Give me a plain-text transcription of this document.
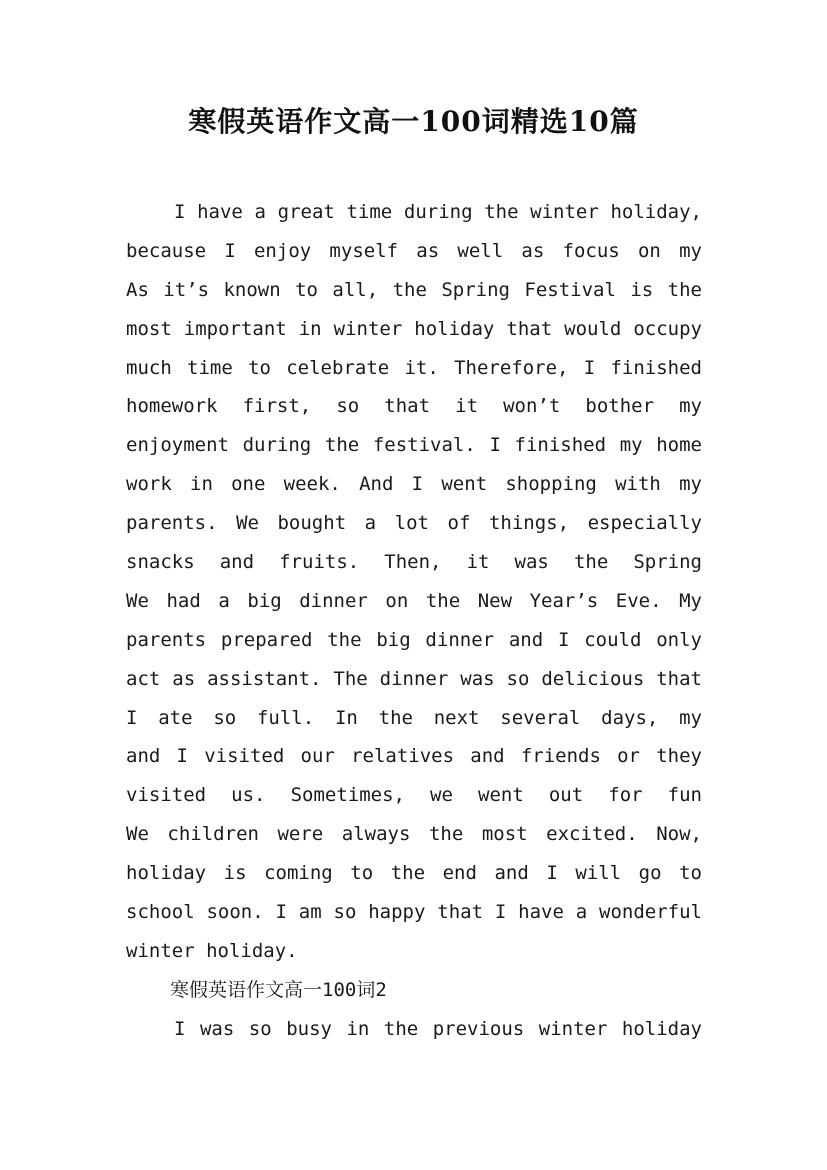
寒假英语作文高一100词精选10篇
I have a great time during the winter holiday,
because I enjoy myself as well as focus on my
As it’s known to all, the Spring Festival is the
most important in winter holiday that would occupy
much time to celebrate it. Therefore, I finished
homework first, so that it won’t bother my
enjoyment during the festival. I finished my home
work in one week. And I went shopping with my
parents. We bought a lot of things, especially
snacks and fruits. Then, it was the Spring
We had a big dinner on the New Year’s Eve. My
parents prepared the big dinner and I could only
act as assistant. The dinner was so delicious that
I ate so full. In the next several days, my
and I visited our relatives and friends or they
visited us. Sometimes, we went out for fun
We children were always the most excited. Now,
holiday is coming to the end and I will go to
school soon. I am so happy that I have a wonderful
winter holiday.
寒假英语作文高一100词2
I was so busy in the previous winter holiday
